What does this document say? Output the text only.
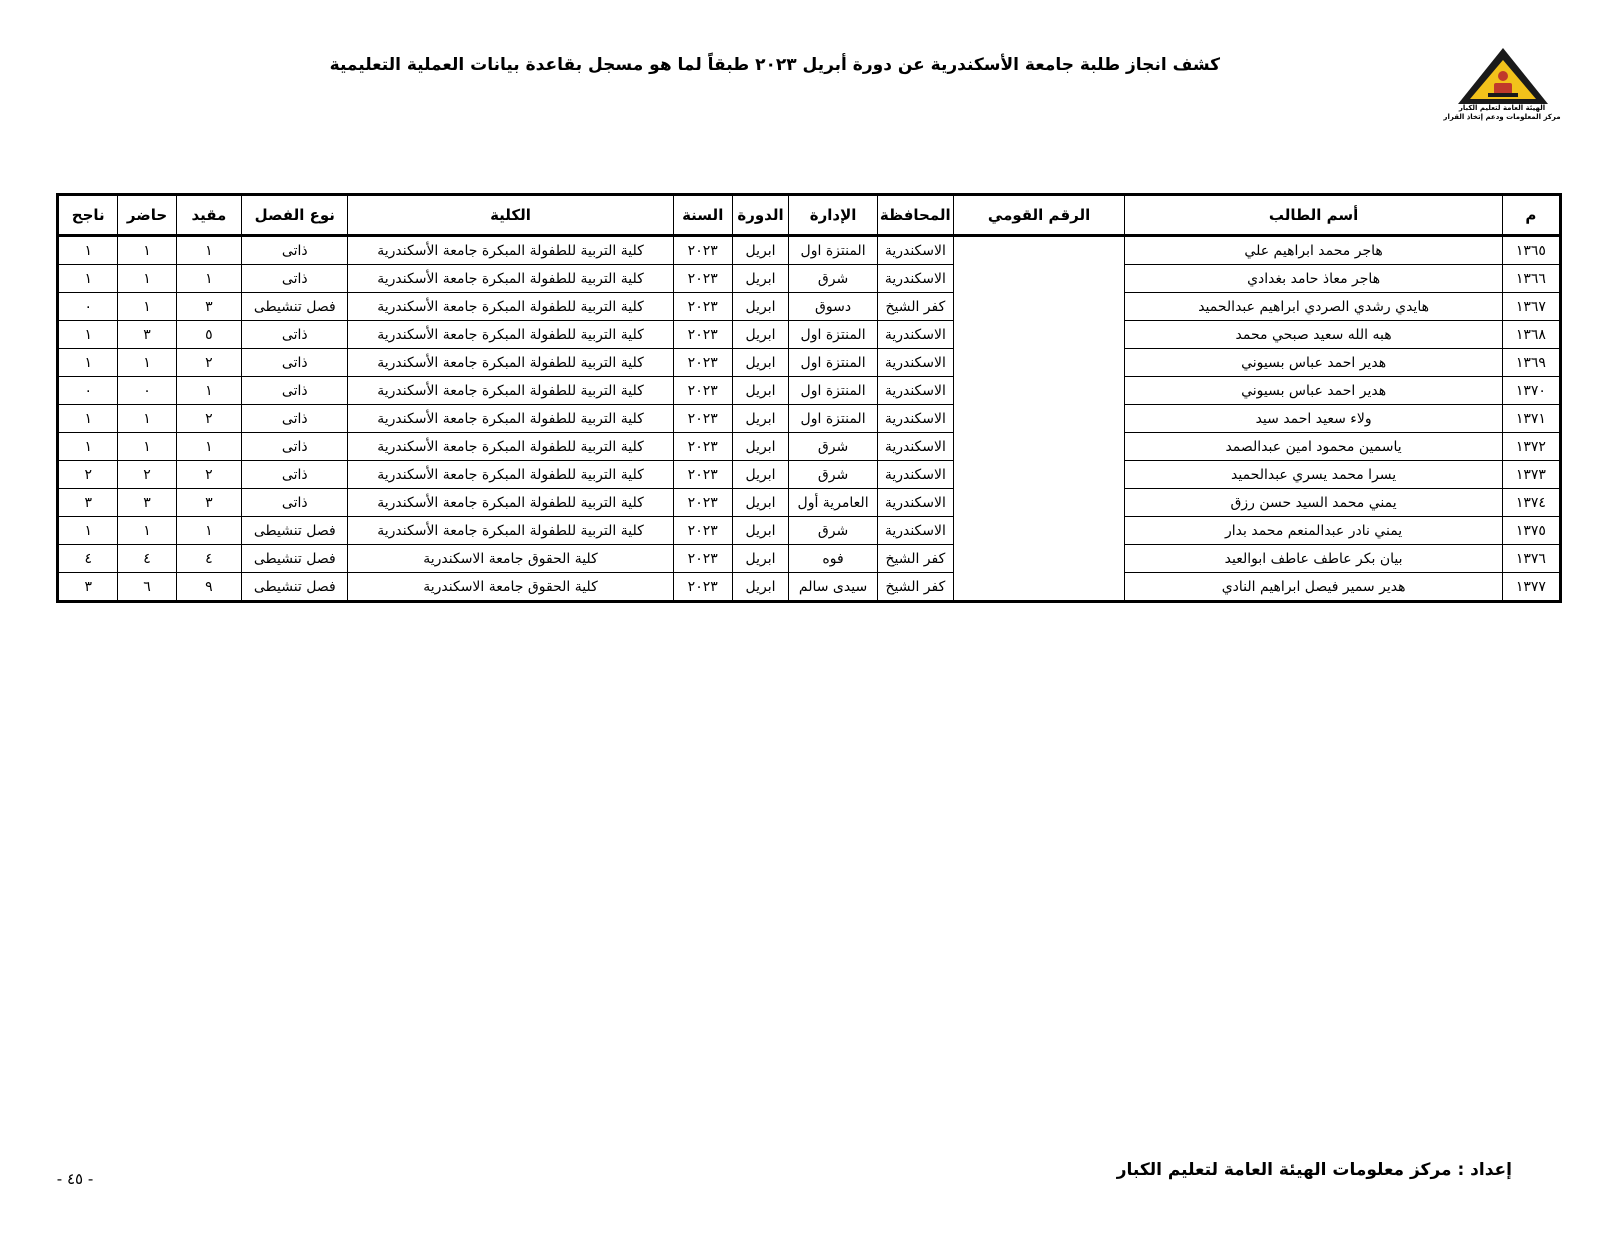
الهيئة العامة لتعليم الكبار
مركز المعلومات ودعم إتخاذ القرار
كشف انجاز طلبة جامعة الأسكندرية عن دورة أبريل ٢٠٢٣ طبقاً لما هو مسجل بقاعدة بيانات العملية التعليمية
م	أسم الطالب	الرقم القومي	المحافظة	الإدارة	الدورة	السنة	الكلية	نوع الفصل	مقيد	حاضر	ناجح
١٣٦٥	هاجر محمد ابراهيم علي		الاسكندرية	المنتزة اول	ابريل	٢٠٢٣	كلية التربية للطفولة المبكرة جامعة الأسكندرية	ذاتى	١	١	١
١٣٦٦	هاجر معاذ حامد بغدادي		الاسكندرية	شرق	ابريل	٢٠٢٣	كلية التربية للطفولة المبكرة جامعة الأسكندرية	ذاتى	١	١	١
١٣٦٧	هايدي رشدي الصردي ابراهيم عبدالحميد		كفر الشيخ	دسوق	ابريل	٢٠٢٣	كلية التربية للطفولة المبكرة جامعة الأسكندرية	فصل تنشيطى	٣	١	٠
١٣٦٨	هبه الله سعيد صبحي محمد		الاسكندرية	المنتزة اول	ابريل	٢٠٢٣	كلية التربية للطفولة المبكرة جامعة الأسكندرية	ذاتى	٥	٣	١
١٣٦٩	هدير احمد عباس بسيوني		الاسكندرية	المنتزة اول	ابريل	٢٠٢٣	كلية التربية للطفولة المبكرة جامعة الأسكندرية	ذاتى	٢	١	١
١٣٧٠	هدير احمد عباس بسيوني		الاسكندرية	المنتزة اول	ابريل	٢٠٢٣	كلية التربية للطفولة المبكرة جامعة الأسكندرية	ذاتى	١	٠	٠
١٣٧١	ولاء سعيد احمد سيد		الاسكندرية	المنتزة اول	ابريل	٢٠٢٣	كلية التربية للطفولة المبكرة جامعة الأسكندرية	ذاتى	٢	١	١
١٣٧٢	ياسمين محمود امين عبدالصمد		الاسكندرية	شرق	ابريل	٢٠٢٣	كلية التربية للطفولة المبكرة جامعة الأسكندرية	ذاتى	١	١	١
١٣٧٣	يسرا محمد يسري عبدالحميد		الاسكندرية	شرق	ابريل	٢٠٢٣	كلية التربية للطفولة المبكرة جامعة الأسكندرية	ذاتى	٢	٢	٢
١٣٧٤	يمني محمد السيد حسن رزق		الاسكندرية	العامرية أول	ابريل	٢٠٢٣	كلية التربية للطفولة المبكرة جامعة الأسكندرية	ذاتى	٣	٣	٣
١٣٧٥	يمني نادر عبدالمنعم محمد بدار		الاسكندرية	شرق	ابريل	٢٠٢٣	كلية التربية للطفولة المبكرة جامعة الأسكندرية	فصل تنشيطى	١	١	١
١٣٧٦	بيان بكر عاطف عاطف ابوالعيد		كفر الشيخ	فوه	ابريل	٢٠٢٣	كلية الحقوق جامعة الاسكندرية	فصل تنشيطى	٤	٤	٤
١٣٧٧	هدير سمير فيصل ابراهيم النادي		كفر الشيخ	سيدى سالم	ابريل	٢٠٢٣	كلية الحقوق جامعة الاسكندرية	فصل تنشيطى	٩	٦	٣
إعداد : مركز معلومات الهيئة العامة لتعليم الكبار
- ٤٥ -
